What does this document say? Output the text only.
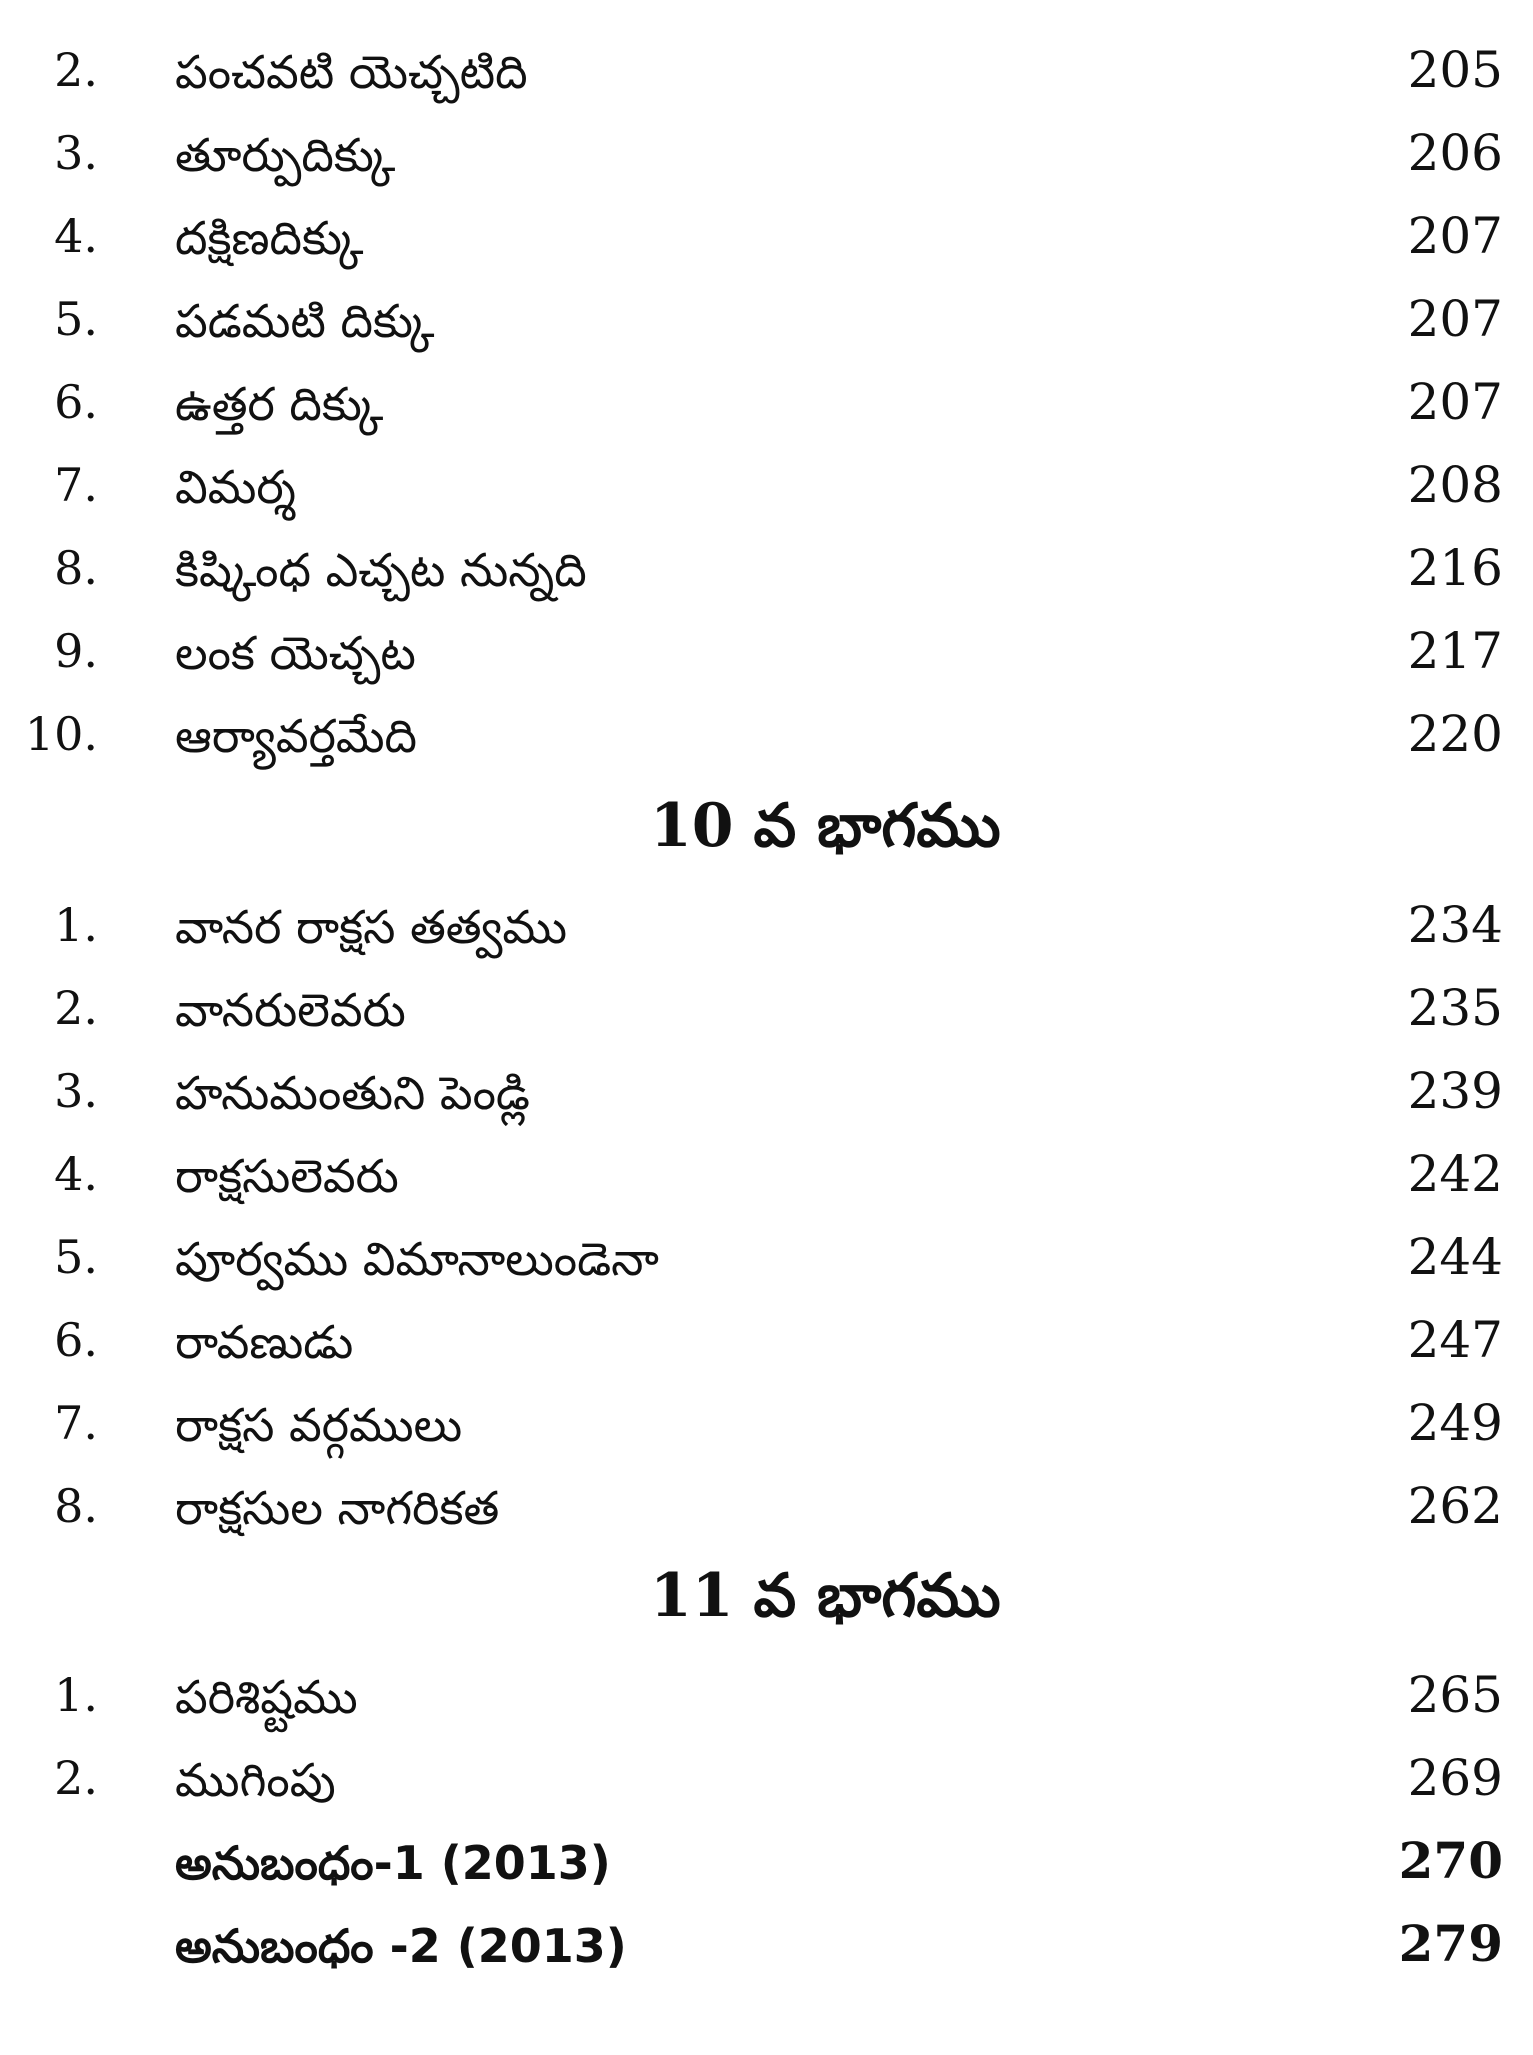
2. పంచవటి యెచ్చటిది	205
3. తూర్పుదిక్కు	206
4. దక్షిణదిక్కు	207
5. పడమటి దిక్కు	207
6. ఉత్తర దిక్కు	207
7. విమర్శ	208
8. కిష్కింధ ఎచ్చట నున్నది	216
9. లంక యెచ్చట	217
10. ఆర్యావర్తమేది	220
10 వ భాగము
1. వానర రాక్షస తత్వము	234
2. వానరులెవరు	235
3. హనుమంతుని పెండ్లి	239
4. రాక్షసులెవరు	242
5. పూర్వము విమానాలుండెనా	244
6. రావణుడు	247
7. రాక్షస వర్గములు	249
8. రాక్షసుల నాగరికత	262
11 వ భాగము
1. పరిశిష్టము	265
2. ముగింపు	269
అనుబంధం-1 (2013)	270
అనుబంధం -2 (2013)	279
